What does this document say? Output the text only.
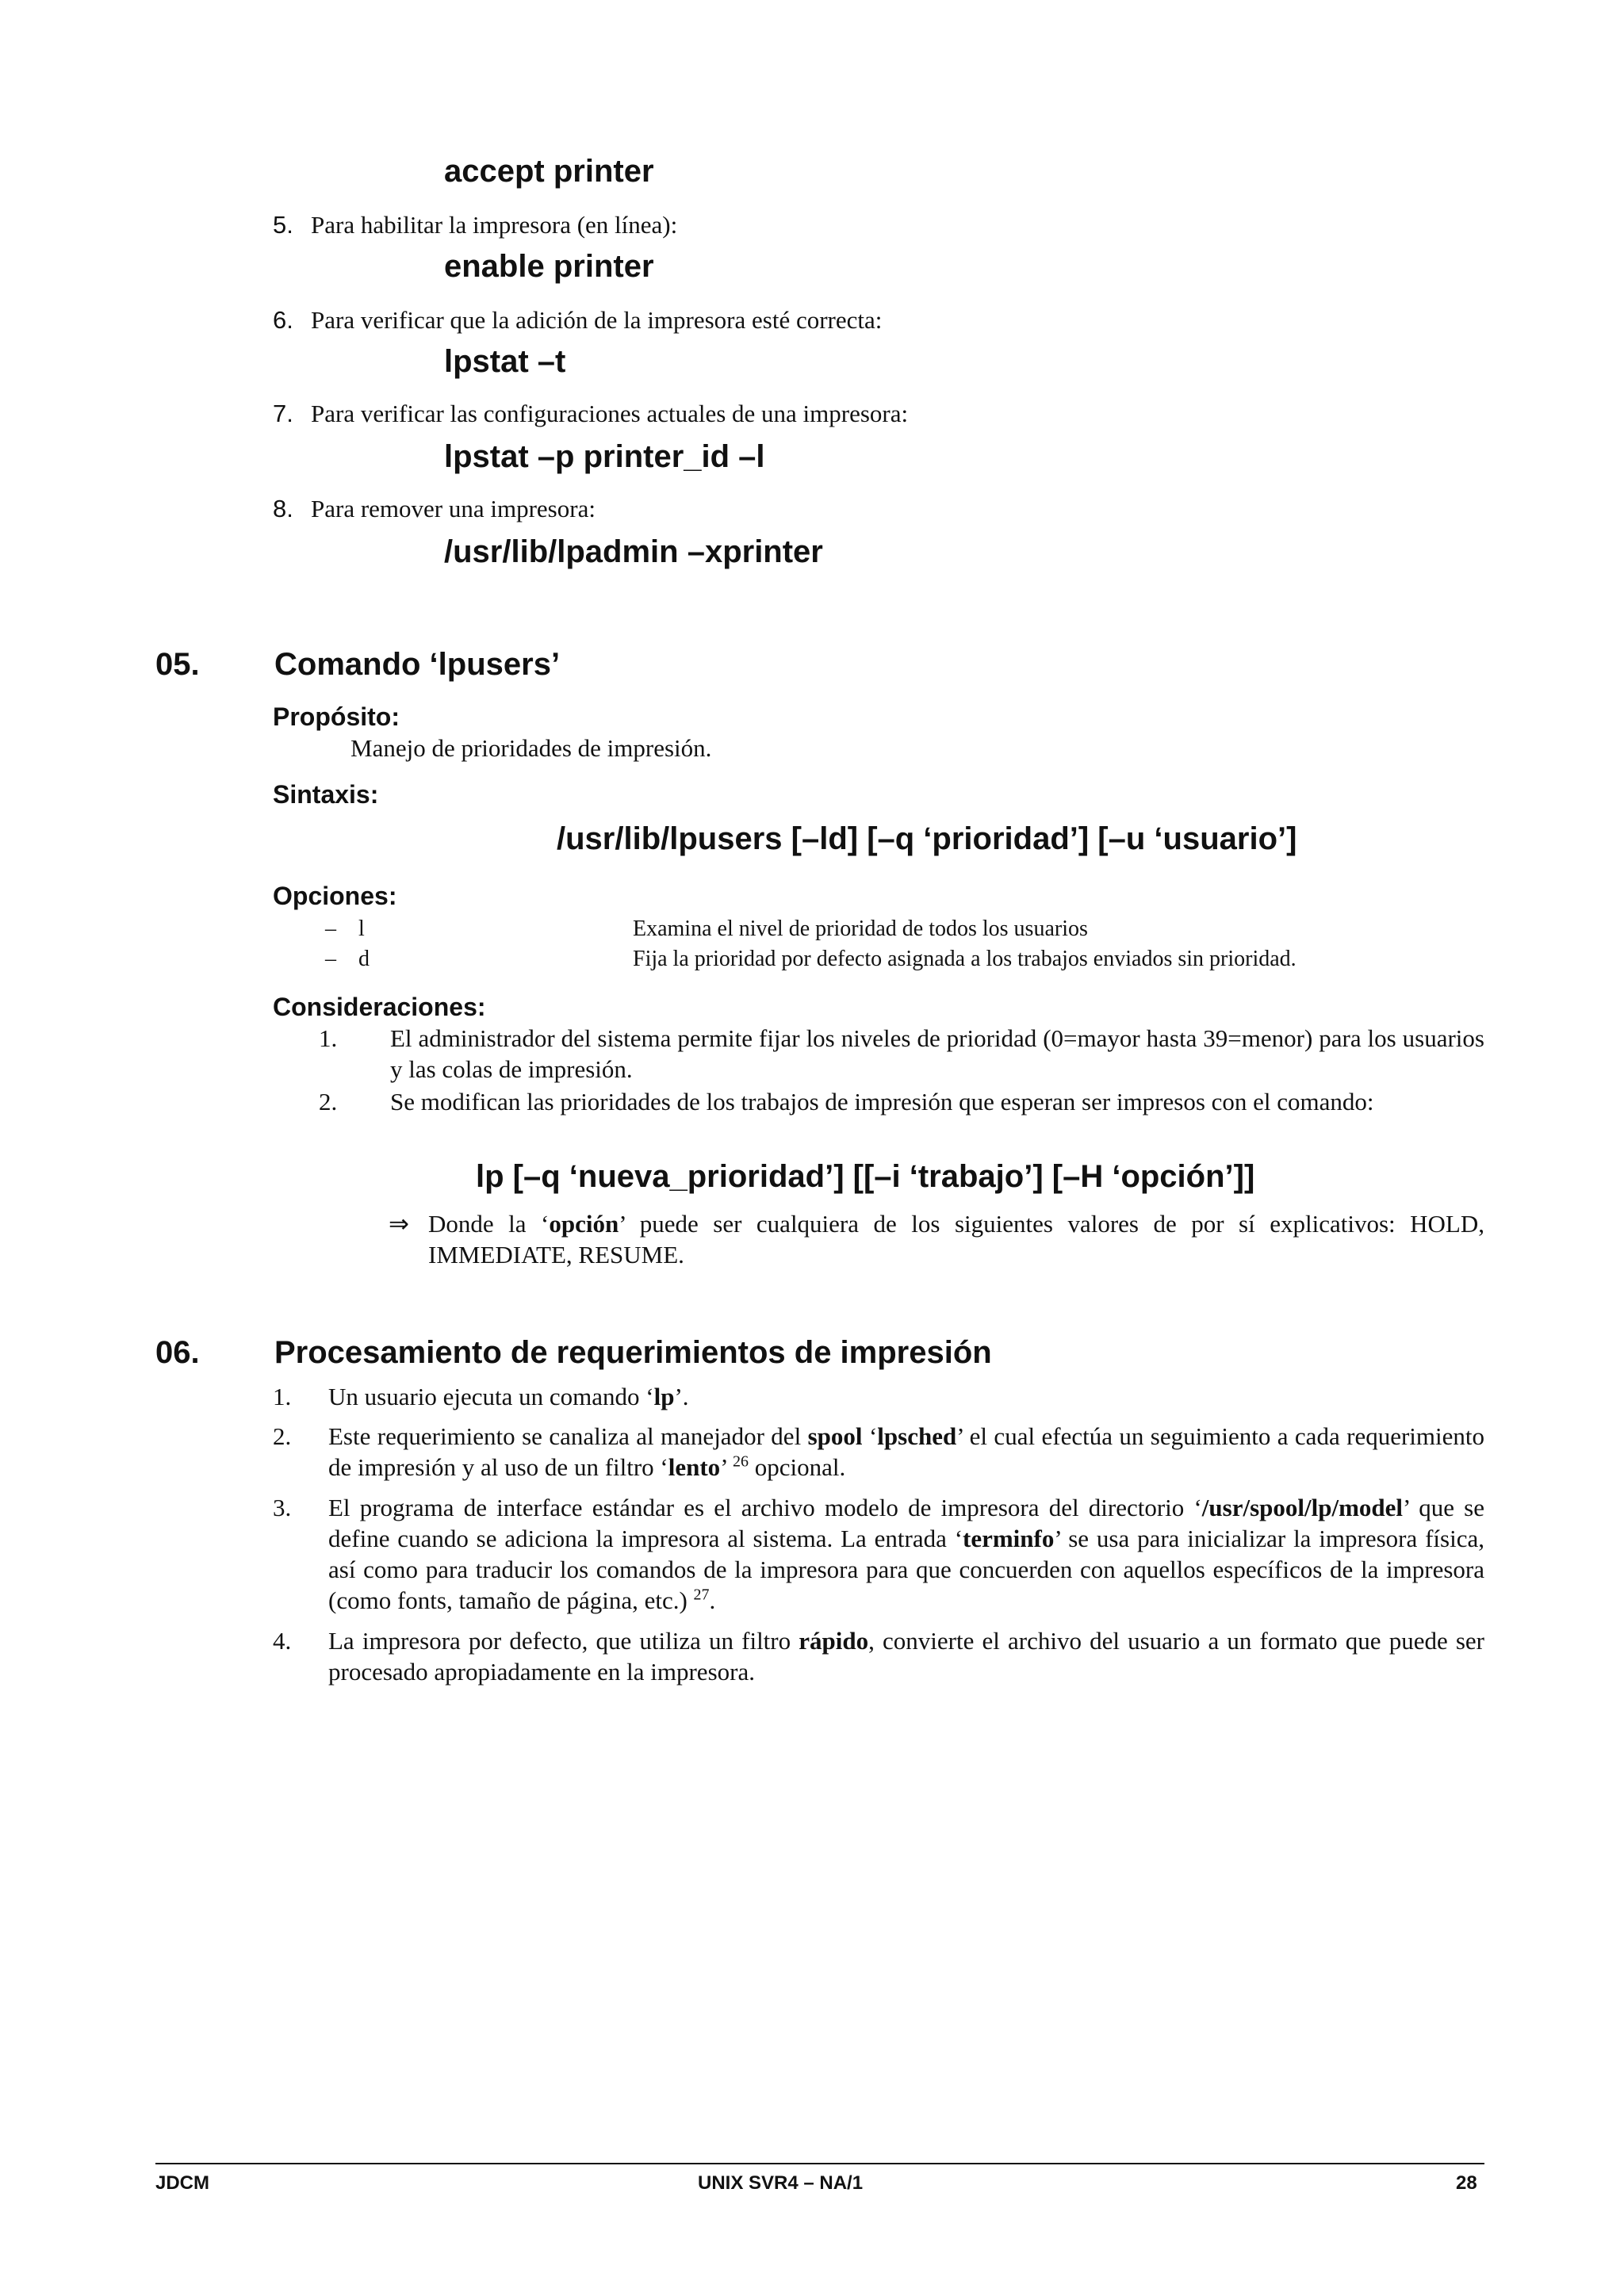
accept printer
5. Para habilitar la impresora (en línea):
enable printer
6. Para verificar que la adición de la impresora esté correcta:
lpstat –t
7. Para verificar las configuraciones actuales de una impresora:
lpstat –p printer_id –l
8. Para remover una impresora:
/usr/lib/lpadmin –xprinter
05. Comando ‘lpusers’
Propósito:
Manejo de prioridades de impresión.
Sintaxis:
/usr/lib/lpusers [–ld] [–q ‘prioridad’] [–u ‘usuario’]
Opciones:
– l	Examina el nivel de prioridad de todos los usuarios
– d	Fija la prioridad por defecto asignada a los trabajos enviados sin prioridad.
Consideraciones:
1. El administrador del sistema permite fijar los niveles de prioridad (0=mayor hasta 39=menor) para los usuarios y las colas de impresión.
2. Se modifican las prioridades de los trabajos de impresión que esperan ser impresos con el comando:
lp [–q ‘nueva_prioridad’] [[–i ‘trabajo’] [–H ‘opción’]]
⇒ Donde la ‘opción’ puede ser cualquiera de los siguientes valores de por sí explicativos: HOLD, IMMEDIATE, RESUME.
06. Procesamiento de requerimientos de impresión
1. Un usuario ejecuta un comando ‘lp’.
2. Este requerimiento se canaliza al manejador del spool ‘lpsched’ el cual efectúa un seguimiento a cada requerimiento de impresión y al uso de un filtro ‘lento’ $^{26}$ opcional.
3. El programa de interface estándar es el archivo modelo de impresora del directorio ‘/usr/spool/lp/model’ que se define cuando se adiciona la impresora al sistema. La entrada ‘terminfo’ se usa para inicializar la impresora física, así como para traducir los comandos de la impresora para que concuerden con aquellos específicos de la impresora (como fonts, tamaño de página, etc.) $^{27}$.
4. La impresora por defecto, que utiliza un filtro rápido, convierte el archivo del usuario a un formato que puede ser procesado apropiadamente en la impresora.
JDCM	UNIX SVR4 – NA/1	28
